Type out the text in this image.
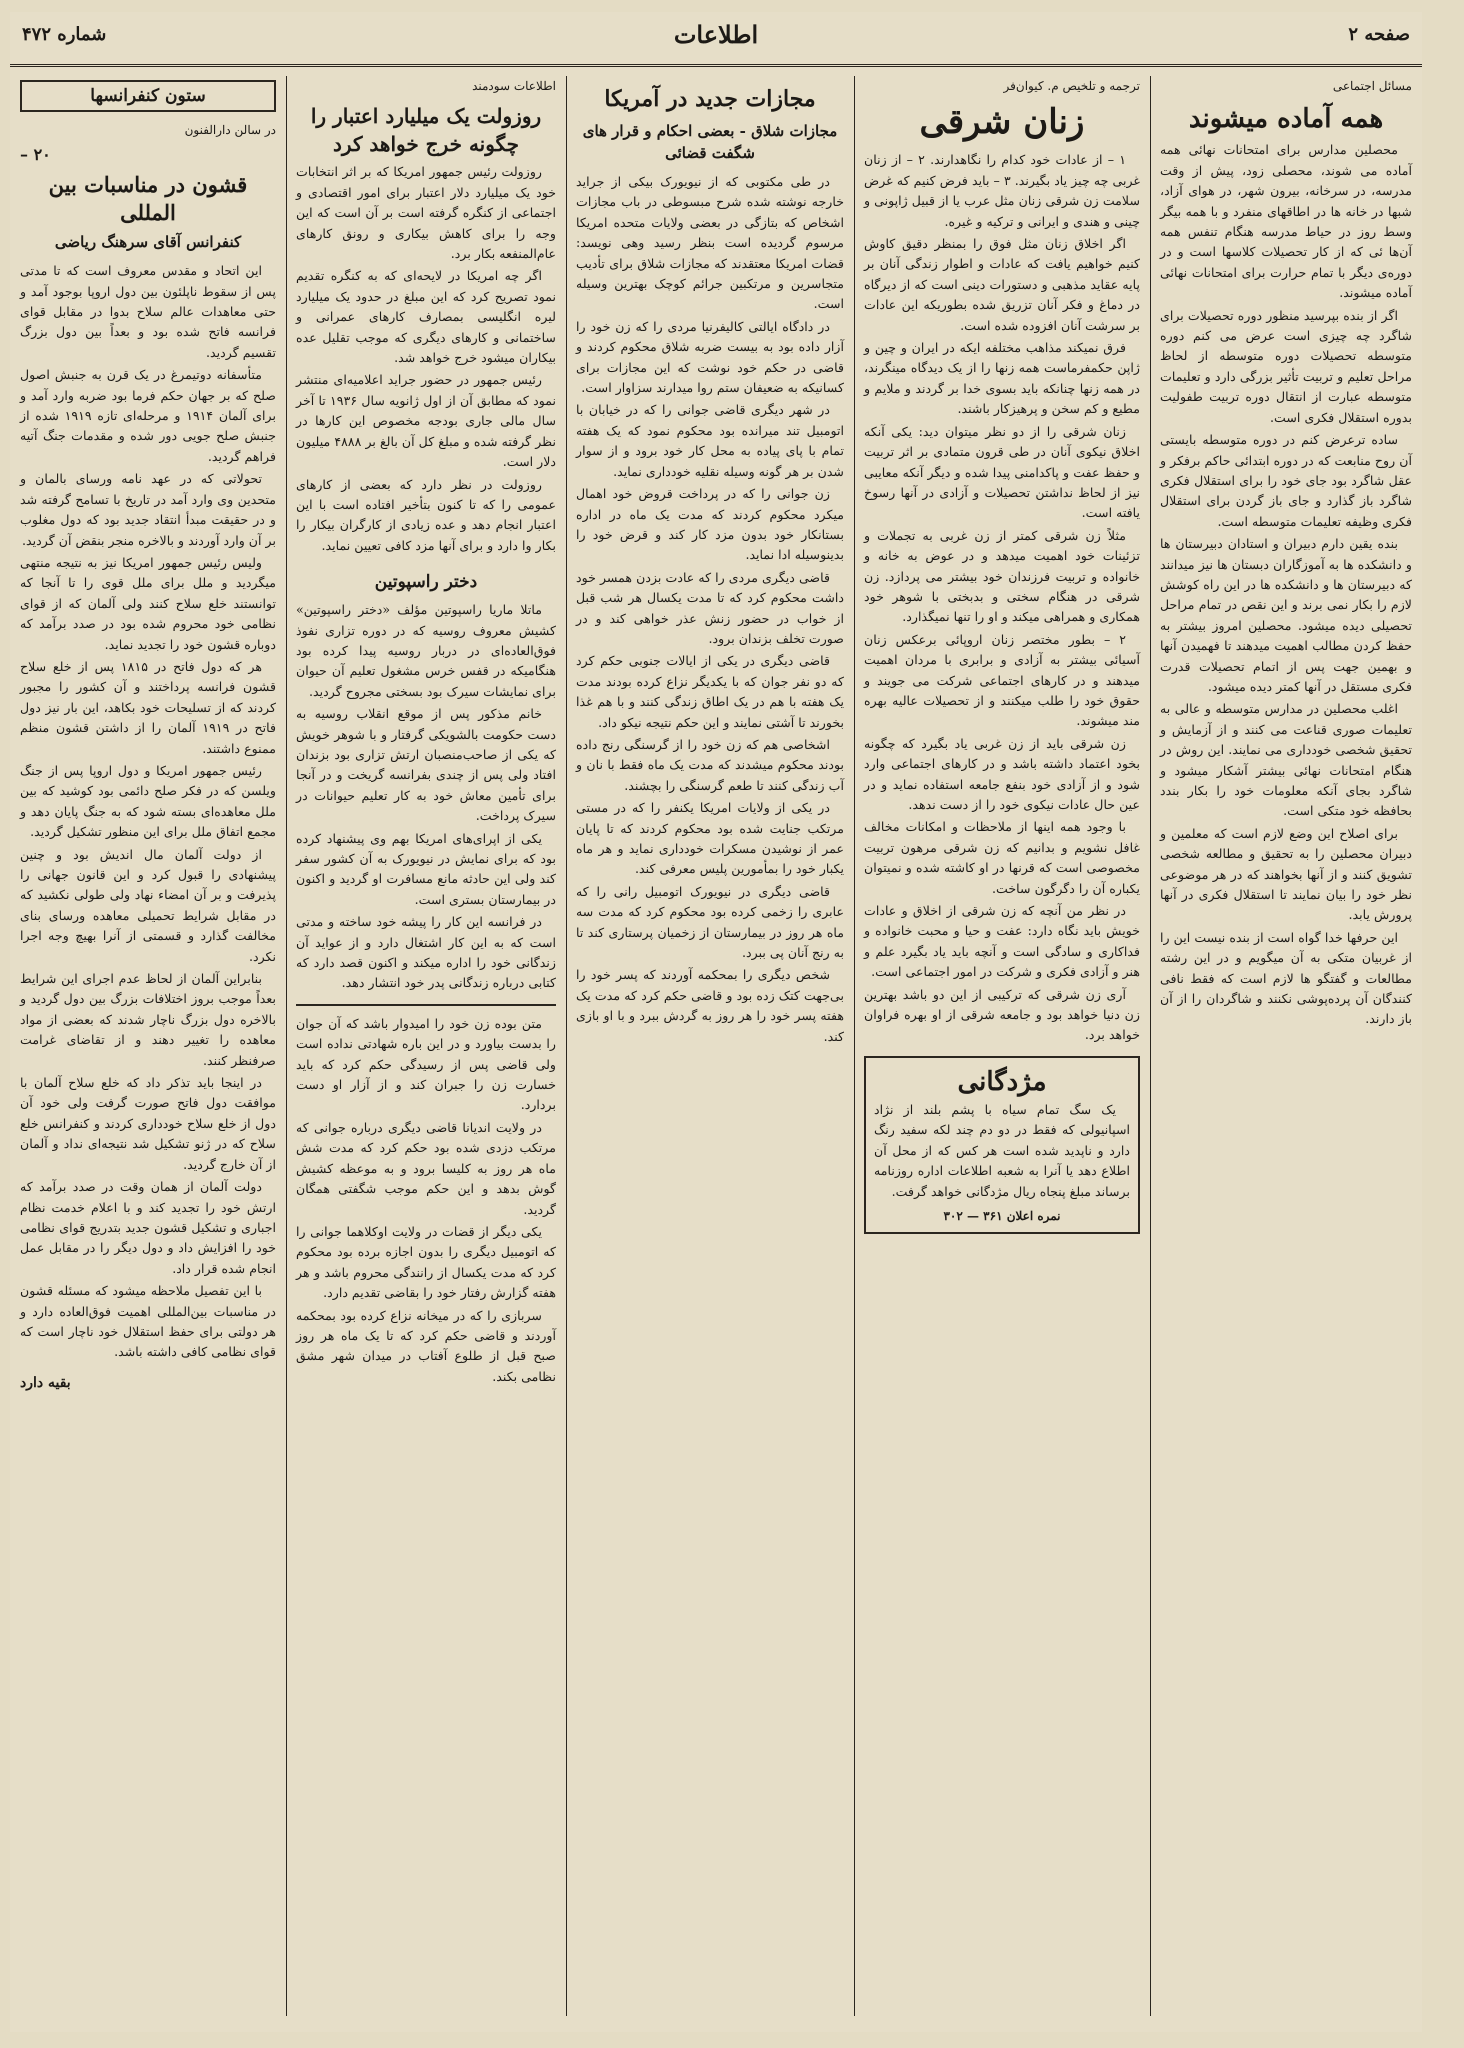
شماره ۴۷۲	اطلاعات	صفحه ۲
مسائل اجتماعی
همه آماده میشوند

محصلین مدارس برای امتحانات نهائی همه آماده می شوند، محصلی زود، پیش از وقت مدرسه، در سرخانه، بیرون شهر، در هوای آزاد، شبها در خانه ها در اطاقهای منفرد و با همه بیگر وسط روز در حیاط مدرسه هنگام تنفس همه آن‌ها ئی که از کار تحصیلات کلاسها است و در دوره‌ی دیگر با تمام حرارت برای امتحانات نهائی آماده میشوند.

اگر از بنده بپرسید منظور دوره تحصیلات برای شاگرد چه چیزی است عرض می کنم دوره متوسطه تحصیلات دوره متوسطه از لحاظ مراحل تعلیم و تربیت تأثیر بزرگی دارد و تعلیمات متوسطه عبارت از انتقال دوره تربیت طفولیت بدوره استقلال فکری است.

ساده ترعرض کنم در دوره متوسطه بایستی آن روح منابعت که در دوره ابتدائی حاکم برفکر و عقل شاگرد بود جای خود را برای استقلال فکری شاگرد باز گذارد و جای باز گردن برای استقلال فکری وظیفه تعلیمات متوسطه است.

بنده یقین دارم دبیران و استادان دبیرستان ها و دانشکده ها به آموزگاران دبستان ها نیز میدانند که دبیرستان ها و دانشکده ها در این راه کوشش لازم را بکار نمی برند و این نقص در تمام مراحل تحصیلی دیده میشود. محصلین امروز بیشتر به حفظ کردن مطالب اهمیت میدهند تا فهمیدن آنها و بهمین جهت پس از اتمام تحصیلات قدرت فکری مستقل در آنها کمتر دیده میشود.

اغلب محصلین در مدارس متوسطه و عالی به تعلیمات صوری قناعت می کنند و از آزمایش و تحقیق شخصی خودداری می نمایند. این روش در هنگام امتحانات نهائی بیشتر آشکار میشود و شاگرد بجای آنکه معلومات خود را بکار بندد بحافظه خود متکی است.

برای اصلاح این وضع لازم است که معلمین و دبیران محصلین را به تحقیق و مطالعه شخصی تشویق کنند و از آنها بخواهند که در هر موضوعی نظر خود را بیان نمایند تا استقلال فکری در آنها پرورش یابد.

این حرفها خدا گواه است از بنده نیست این را از غربیان متکی به آن میگویم و در این رشته مطالعات و گفتگو ها لازم است که فقط نافی کنندگان آن پرده‌پوشی نکنند و شاگردان را از آن باز دارند.

ترجمه و تلخیص م. کیوان‌فر
زنان شرقی

۱ – از عادات خود کدام را نگاهدارند. ۲ – از زنان غربی چه چیز یاد بگیرند. ۳ – باید فرض کنیم که غرض سلامت زن شرقی زنان مثل عرب یا از قبیل ژاپونی و چینی و هندی و ایرانی و ترکیه و غیره.

اگر اخلاق زنان مثل فوق را بمنظر دقیق کاوش کنیم خواهیم یافت که عادات و اطوار زندگی آنان بر پایه عقاید مذهبی و دستورات دینی است که از دیرگاه در دماغ و فکر آنان تزریق شده بطوریکه این عادات بر سرشت آنان افزوده شده است.

فرق نمیکند مذاهب مختلفه ایکه در ایران و چین و ژاپن حکمفرماست همه زنها را از یک دیدگاه مینگرند، در همه زنها چنانکه باید بسوی خدا بر گردند و ملایم و مطیع و کم سخن و پرهیزکار باشند.

زنان شرقی را از دو نظر میتوان دید: یکی آنکه اخلاق نیکوی آنان در طی قرون متمادی بر اثر تربیت و حفظ عفت و پاکدامنی پیدا شده و دیگر آنکه معایبی نیز از لحاظ نداشتن تحصیلات و آزادی در آنها رسوخ یافته است.

مثلاً زن شرقی کمتر از زن غربی به تجملات و تزئینات خود اهمیت میدهد و در عوض به خانه و خانواده و تربیت فرزندان خود بیشتر می پردازد. زن شرقی در هنگام سختی و بدبختی با شوهر خود همکاری و همراهی میکند و او را تنها نمیگذارد.

۲ – بطور مختصر زنان اروپائی برعکس زنان آسیائی بیشتر به آزادی و برابری با مردان اهمیت میدهند و در کارهای اجتماعی شرکت می جویند و حقوق خود را طلب میکنند و از تحصیلات عالیه بهره مند میشوند.

زن شرقی باید از زن غربی یاد بگیرد که چگونه بخود اعتماد داشته باشد و در کارهای اجتماعی وارد شود و از آزادی خود بنفع جامعه استفاده نماید و در عین حال عادات نیکوی خود را از دست ندهد.

با وجود همه اینها از ملاحظات و امکانات مخالف غافل نشویم و بدانیم که زن شرقی مرهون تربیت مخصوصی است که قرنها در او کاشته شده و نمیتوان یکباره آن را دگرگون ساخت.

در نظر من آنچه که زن شرقی از اخلاق و عادات خویش باید نگاه دارد: عفت و حیا و محبت خانواده و فداکاری و سادگی است و آنچه باید یاد بگیرد علم و هنر و آزادی فکری و شرکت در امور اجتماعی است.

آری زن شرقی که ترکیبی از این دو باشد بهترین زن دنیا خواهد بود و جامعه شرقی از او بهره فراوان خواهد برد.

مژدگانی

یک سگ تمام سیاه با پشم بلند از نژاد اسپانیولی که فقط در دو دم چند لکه سفید رنگ دارد و ناپدید شده است هر کس که از محل آن اطلاع دهد یا آنرا به شعبه اطلاعات اداره روزنامه برساند مبلغ پنجاه ریال مژدگانی خواهد گرفت.

نمره اعلان ۳۶۱ — ۳۰۲
مجازات جدید در آمریکا
مجازات شلاق - بعضی احکام و قرار های شگفت قضائی

در طی مکتوبی که از نیویورک بیکی از جراید خارجه نوشته شده شرح مبسوطی در باب مجازات اشخاص که بتازگی در بعضی ولایات متحده امریکا مرسوم گردیده است بنظر رسید وهی نویسد: قضات امریکا معتقدند که مجازات شلاق برای تأدیب متجاسرین و مرتکبین جرائم کوچک بهترین وسیله است.

در دادگاه ایالتی کالیفرنیا مردی را که زن خود را آزار داده بود به بیست ضربه شلاق محکوم کردند و قاضی در حکم خود نوشت که این مجازات برای کسانیکه به ضعیفان ستم روا میدارند سزاوار است.

در شهر دیگری قاضی جوانی را که در خیابان با اتومبیل تند میرانده بود محکوم نمود که یک هفته تمام با پای پیاده به محل کار خود برود و از سوار شدن بر هر گونه وسیله نقلیه خودداری نماید.

زن جوانی را که در پرداخت قروض خود اهمال میکرد محکوم کردند که مدت یک ماه در اداره بستانکار خود بدون مزد کار کند و قرض خود را بدینوسیله ادا نماید.

قاضی دیگری مردی را که عادت بزدن همسر خود داشت محکوم کرد که تا مدت یکسال هر شب قبل از خواب در حضور زنش عذر خواهی کند و در صورت تخلف بزندان برود.

قاضی دیگری در یکی از ایالات جنوبی حکم کرد که دو نفر جوان که با یکدیگر نزاع کرده بودند مدت یک هفته با هم در یک اطاق زندگی کنند و با هم غذا بخورند تا آشتی نمایند و این حکم نتیجه نیکو داد.

اشخاصی هم که زن خود را از گرسنگی رنج داده بودند محکوم میشدند که مدت یک ماه فقط با نان و آب زندگی کنند تا طعم گرسنگی را بچشند.

در یکی از ولایات امریکا یکنفر را که در مستی مرتکب جنایت شده بود محکوم کردند که تا پایان عمر از نوشیدن مسکرات خودداری نماید و هر ماه یکبار خود را بمأمورین پلیس معرفی کند.

قاضی دیگری در نیویورک اتومبیل رانی را که عابری را زخمی کرده بود محکوم کرد که مدت سه ماه هر روز در بیمارستان از زخمیان پرستاری کند تا به رنج آنان پی ببرد.

شخص دیگری را بمحکمه آوردند که پسر خود را بی‌جهت کتک زده بود و قاضی حکم کرد که مدت یک هفته پسر خود را هر روز به گردش ببرد و با او بازی کند.

اطلاعات سودمند
روزولت یک میلیارد اعتبار را چگونه خرج خواهد کرد

روزولت رئیس جمهور امریکا که بر اثر انتخابات خود یک میلیارد دلار اعتبار برای امور اقتصادی و اجتماعی از کنگره گرفته است بر آن است که این وجه را برای کاهش بیکاری و رونق کارهای عام‌المنفعه بکار برد.

اگر چه امریکا در لایحه‌ای که به کنگره تقدیم نمود تصریح کرد که این مبلغ در حدود یک میلیارد لیره انگلیسی بمصارف کارهای عمرانی و ساختمانی و کارهای دیگری که موجب تقلیل عده بیکاران میشود خرج خواهد شد.

رئیس جمهور در حضور جراید اعلامیه‌ای منتشر نمود که مطابق آن از اول ژانویه سال ۱۹۳۶ تا آخر سال مالی جاری بودجه مخصوص این کارها در نظر گرفته شده و مبلغ کل آن بالغ بر ۴۸۸۸ میلیون دلار است.

روزولت در نظر دارد که بعضی از کارهای عمومی را که تا کنون بتأخیر افتاده است با این اعتبار انجام دهد و عده زیادی از کارگران بیکار را بکار وا دارد و برای آنها مزد کافی تعیین نماید.

دختر راسپوتین

ماتلا ماریا راسپوتین مؤلف «دختر راسپوتین» کشیش معروف روسیه که در دوره تزاری نفوذ فوق‌العاده‌ای در دربار روسیه پیدا کرده بود هنگامیکه در قفس خرس مشغول تعلیم آن حیوان برای نمایشات سیرک بود بسختی مجروح گردید.

خانم مذکور پس از موقع انقلاب روسیه به دست حکومت بالشویکی گرفتار و با شوهر خویش که یکی از صاحب‌منصبان ارتش تزاری بود بزندان افتاد ولی پس از چندی بفرانسه گریخت و در آنجا برای تأمین معاش خود به کار تعلیم حیوانات در سیرک پرداخت.

یکی از اپرای‌های امریکا بهم وی پیشنهاد کرده بود که برای نمایش در نیویورک به آن کشور سفر کند ولی این حادثه مانع مسافرت او گردید و اکنون در بیمارستان بستری است.

در فرانسه این کار را پیشه خود ساخته و مدتی است که به این کار اشتغال دارد و از عواید آن زندگانی خود را اداره میکند و اکنون قصد دارد که کتابی درباره زندگانی پدر خود انتشار دهد.

متن بوده زن خود را امیدوار باشد که آن جوان را بدست بیاورد و در این باره شهادتی نداده است ولی قاضی پس از رسیدگی حکم کرد که باید خسارت زن را جبران کند و از آزار او دست بردارد.

در ولایت اندیانا قاضی دیگری درباره جوانی که مرتکب دزدی شده بود حکم کرد که مدت شش ماه هر روز به کلیسا برود و به موعظه کشیش گوش بدهد و این حکم موجب شگفتی همگان گردید.

یکی دیگر از قضات در ولایت اوکلاهما جوانی را که اتومبیل دیگری را بدون اجازه برده بود محکوم کرد که مدت یکسال از رانندگی محروم باشد و هر هفته گزارش رفتار خود را بقاضی تقدیم دارد.

سربازی را که در میخانه نزاع کرده بود بمحکمه آوردند و قاضی حکم کرد که تا یک ماه هر روز صبح قبل از طلوع آفتاب در میدان شهر مشق نظامی بکند.

ستون کنفرانسها
در سالن دارالفنون
۲۰ –
قشون در مناسبات بین المللی
کنفرانس آقای سرهنگ ریاضی

این اتحاد و مقدس معروف است که تا مدتی پس از سقوط ناپلئون بین دول اروپا بوجود آمد و حتی معاهدات عالم سلاح بدوا در مقابل قوای فرانسه فاتح شده بود و بعداً بین دول بزرگ تقسیم گردید.

متأسفانه دوتیمرغ در یک قرن به جنبش اصول صلح که بر جهان حکم فرما بود ضربه وارد آمد و برای آلمان ۱۹۱۴ و مرحله‌ای تازه ۱۹۱۹ شده از جنبش صلح جویی دور شده و مقدمات جنگ آتیه فراهم گردید.

تحولاتی که در عهد نامه ورسای بالمان و متحدین وی وارد آمد در تاریخ با تسامح گرفته شد و در حقیقت مبدأ انتقاد جدید بود که دول مغلوب بر آن وارد آوردند و بالاخره منجر بنقض آن گردید.

ولیس رئیس جمهور امریکا نیز به نتیجه منتهی میگردید و ملل برای ملل قوی را تا آنجا که توانستند خلع سلاح کنند ولی آلمان که از قوای نظامی خود محروم شده بود در صدد برآمد که دوباره قشون خود را تجدید نماید.

هر که دول فاتح در ۱۸۱۵ پس از خلع سلاح قشون فرانسه پرداختند و آن کشور را مجبور کردند که از تسلیحات خود بکاهد، این بار نیز دول فاتح در ۱۹۱۹ آلمان را از داشتن قشون منظم ممنوع داشتند.

رئیس جمهور امریکا و دول اروپا پس از جنگ ویلسن که در فکر صلح دائمی بود کوشید که بین ملل معاهده‌ای بسته شود که به جنگ پایان دهد و مجمع اتفاق ملل برای این منظور تشکیل گردید.

از دولت آلمان مال اندیش بود و چنین پیشنهادی را قبول کرد و این قانون جهانی را پذیرفت و بر آن امضاء نهاد ولی طولی نکشید که در مقابل شرایط تحمیلی معاهده ورسای بنای مخالفت گذارد و قسمتی از آنرا بهیچ وجه اجرا نکرد.

بنابراین آلمان از لحاظ عدم اجرای این شرایط بعداً موجب بروز اختلافات بزرگ بین دول گردید و بالاخره دول بزرگ ناچار شدند که بعضی از مواد معاهده را تغییر دهند و از تقاضای غرامت صرفنظر کنند.

در اینجا باید تذکر داد که خلع سلاح آلمان با موافقت دول فاتح صورت گرفت ولی خود آن دول از خلع سلاح خودداری کردند و کنفرانس خلع سلاح که در ژنو تشکیل شد نتیجه‌ای نداد و آلمان از آن خارج گردید.

دولت آلمان از همان وقت در صدد برآمد که ارتش خود را تجدید کند و با اعلام خدمت نظام اجباری و تشکیل قشون جدید بتدریج قوای نظامی خود را افزایش داد و دول دیگر را در مقابل عمل انجام شده قرار داد.

با این تفصیل ملاحظه میشود که مسئله قشون در مناسبات بین‌المللی اهمیت فوق‌العاده دارد و هر دولتی برای حفظ استقلال خود ناچار است که قوای نظامی کافی داشته باشد.

بقیه دارد
